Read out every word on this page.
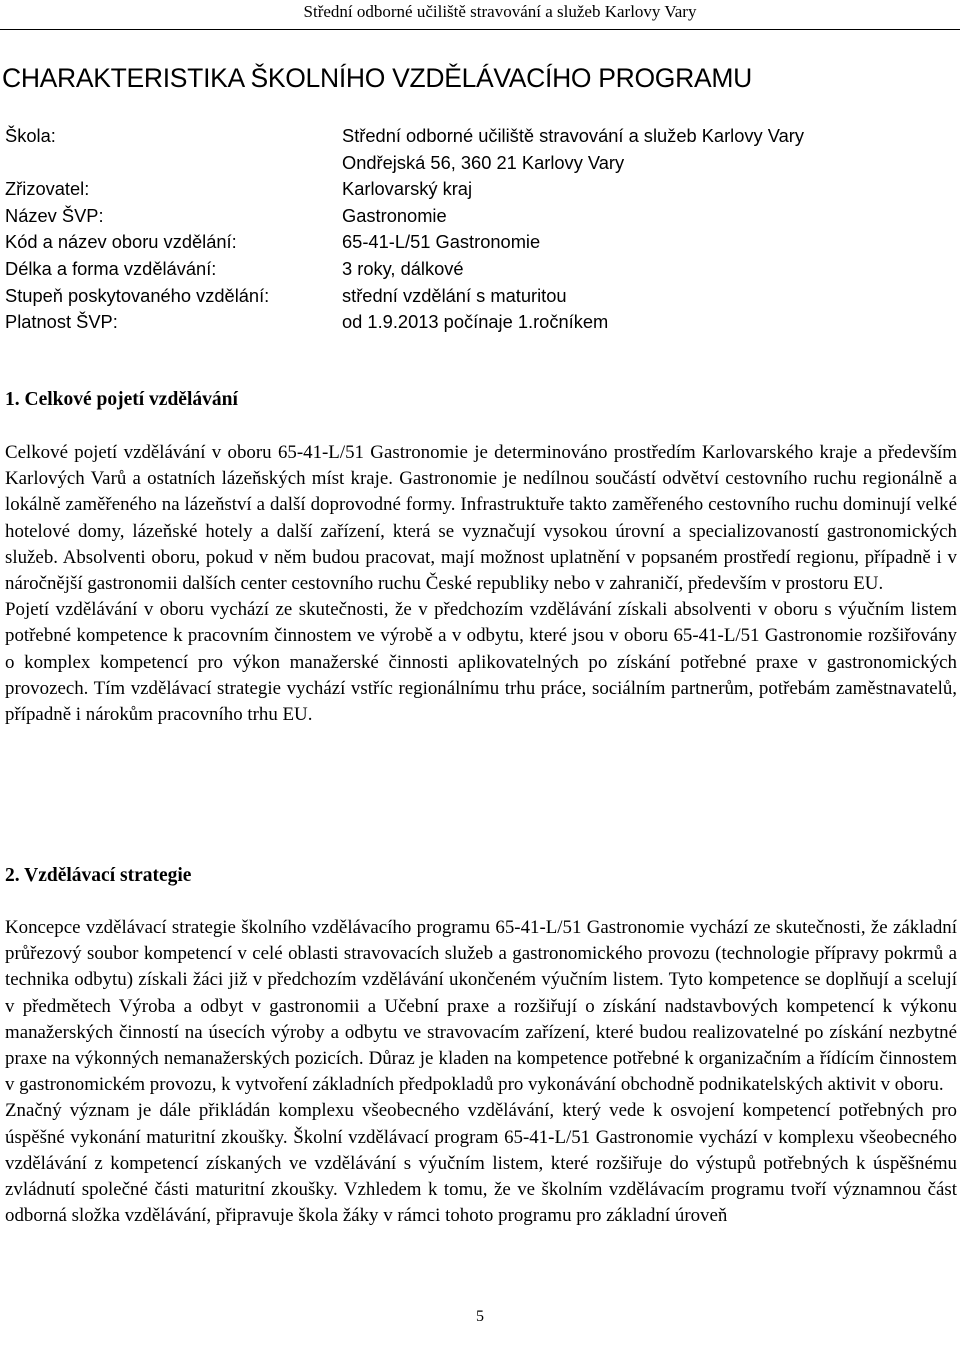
Střední odborné učiliště stravování a služeb Karlovy Vary
CHARAKTERISTIKA ŠKOLNÍHO VZDĚLÁVACÍHO PROGRAMU
Škola:	Střední odborné učiliště stravování a služeb Karlovy Vary
Ondřejská 56, 360 21 Karlovy Vary
Zřizovatel:	Karlovarský kraj
Název ŠVP:	Gastronomie
Kód a název oboru vzdělání:	65-41-L/51 Gastronomie
Délka a forma vzdělávání:	3 roky, dálkové
Stupeň poskytovaného vzdělání:	střední vzdělání s maturitou
Platnost ŠVP:	od 1.9.2013 počínaje 1.ročníkem
1. Celkové pojetí vzdělávání

Celkové pojetí vzdělávání v oboru 65-41-L/51 Gastronomie je determinováno prostředím Karlovarského kraje a především Karlových Varů a ostatních lázeňských míst kraje. Gastronomie je nedílnou součástí odvětví cestovního ruchu regionálně a lokálně zaměřeného na lázeňství a další doprovodné formy. Infrastruktuře takto zaměřeného cestovního ruchu dominují velké hotelové domy, lázeňské hotely a další zařízení, která se vyznačují vysokou úrovní a specializovaností gastronomických služeb. Absolventi oboru, pokud v něm budou pracovat, mají možnost uplatnění v popsaném prostředí regionu, případně i v náročnější gastronomii dalších center cestovního ruchu České republiky nebo v zahraničí, především v prostoru EU.

Pojetí vzdělávání v oboru vychází ze skutečnosti, že v předchozím vzdělávání získali absolventi v oboru s výučním listem potřebné kompetence k pracovním činnostem ve výrobě a v odbytu, které jsou v oboru 65-41-L/51 Gastronomie rozšiřovány o komplex kompetencí pro výkon manažerské činnosti aplikovatelných po získání potřebné praxe v gastronomických provozech. Tím vzdělávací strategie vychází vstříc regionálnímu trhu práce, sociálním partnerům, potřebám zaměstnavatelů, případně i nárokům pracovního trhu EU.

2. Vzdělávací strategie

Koncepce vzdělávací strategie školního vzdělávacího programu 65-41-L/51 Gastronomie vychází ze skutečnosti, že základní průřezový soubor kompetencí v celé oblasti stravovacích služeb a gastronomického provozu (technologie přípravy pokrmů a technika odbytu) získali žáci již v předchozím vzdělávání ukončeném výučním listem. Tyto kompetence se doplňují a scelují v předmětech Výroba a odbyt v gastronomii a Učební praxe a rozšiřují o získání nadstavbových kompetencí k výkonu manažerských činností na úsecích výroby a odbytu ve stravovacím zařízení, které budou realizovatelné po získání nezbytné praxe na výkonných nemanažerských pozicích. Důraz je kladen na kompetence potřebné k organizačním a řídícím činnostem v gastronomickém provozu, k vytvoření základních předpokladů pro vykonávání obchodně podnikatelských aktivit v oboru.

Značný význam je dále přikládán komplexu všeobecného vzdělávání, který vede k osvojení kompetencí potřebných pro úspěšné vykonání maturitní zkoušky. Školní vzdělávací program 65-41-L/51 Gastronomie vychází v komplexu všeobecného vzdělávání z kompetencí získaných ve vzdělávání s výučním listem, které rozšiřuje do výstupů potřebných k úspěšnému zvládnutí společné části maturitní zkoušky. Vzhledem k tomu, že ve školním vzdělávacím programu tvoří významnou část odborná složka vzdělávání, připravuje škola žáky v rámci tohoto programu pro základní úroveň

5
